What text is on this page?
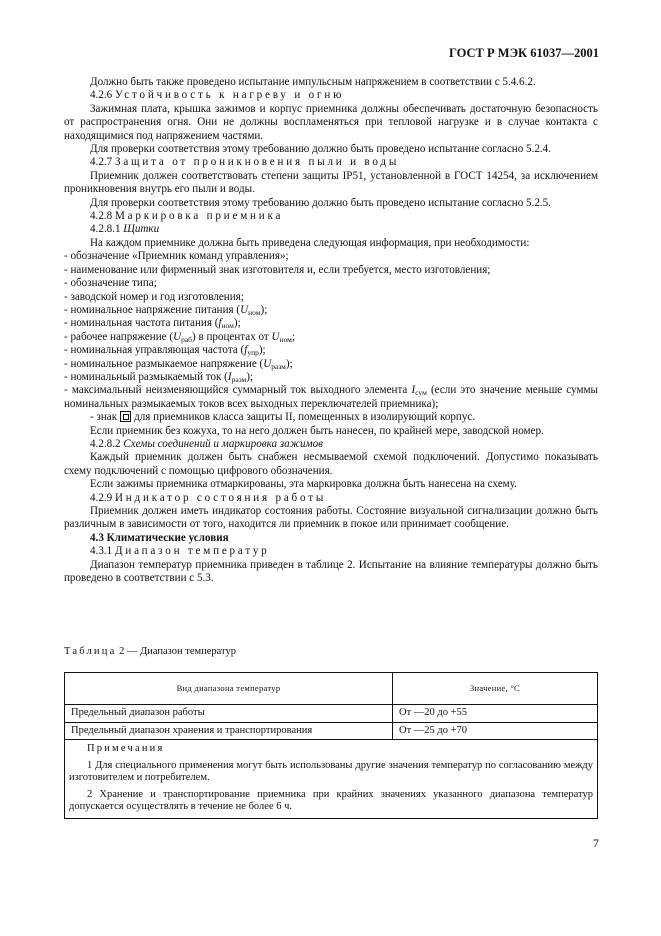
ГОСТ Р МЭК 61037—2001

Должно быть также проведено испытание импульсным напряжением в соответствии с 5.4.6.2.

4.2.6 Устойчивость к нагреву и огню

Зажимная плата, крышка зажимов и корпус приемника должны обеспечивать достаточную безопасность от распространения огня. Они не должны воспламеняться при тепловой нагрузке и в случае контакта с находящимися под напряжением частями.

Для проверки соответствия этому требованию должно быть проведено испытание согласно 5.2.4.

4.2.7 Защита от проникновения пыли и воды

Приемник должен соответствовать степени защиты IP51, установленной в ГОСТ 14254, за исключением проникновения внутрь его пыли и воды.

Для проверки соответствия этому требованию должно быть проведено испытание согласно 5.2.5.

4.2.8 Маркировка приемника

4.2.8.1 Щитки

На каждом приемнике должна быть приведена следующая информация, при необходимости:

- обозначение «Приемник команд управления»;

- наименование или фирменный знак изготовителя и, если требуется, место изготовления;

- обозначение типа;

- заводской номер и год изготовления;

- номинальное напряжение питания $(U_{ном})$;

- номинальная частота питания $(f_{ном})$;

- рабочее напряжение $(U_{раб})$ в процентах от $U_{ном}$;

- номинальная управляющая частота $(f_{упр})$;

- номинальное размыкаемое напряжение $(U_{разм})$;

- номинальный размыкаемый ток $(I_{разм})$;

- максимальный неизменяющийся суммарный ток выходного элемента $I_{сум}$ (если это значение меньше суммы номинальных размыкаемых токов всех выходных переключателей приемника);

- знак для приемников класса защиты II, помещенных в изолирующий корпус.

Если приемник без кожуха, то на него должен быть нанесен, по крайней мере, заводской номер.

4.2.8.2 Схемы соединений и маркировка зажимов

Каждый приемник должен быть снабжен несмываемой схемой подключений. Допустимо показывать схему подключений с помощью цифрового обозначения.

Если зажимы приемника отмаркированы, эта маркировка должна быть нанесена на схему.

4.2.9 Индикатор состояния работы

Приемник должен иметь индикатор состояния работы. Состояние визуальной сигнализации должно быть различным в зависимости от того, находится ли приемник в покое или принимает сообщение.

4.3 Климатические условия

4.3.1 Диапазон температур

Диапазон температур приемника приведен в таблице 2. Испытание на влияние температуры должно быть проведено в соответствии с 5.3.

Таблица 2 — Диапазон температур
Вид диапазона температур	Значение, °С
Предельный диапазон работы	От —20 до +55
Предельный диапазон хранения и транспортирования	От —25 до +70

Примечания

1 Для специального применения могут быть использованы другие значения температур по согласованию между изготовителем и потребителем.

2 Хранение и транспортирование приемника при крайних значениях указанного диапазона температур допускается осуществлять в течение не более 6 ч.	

7
